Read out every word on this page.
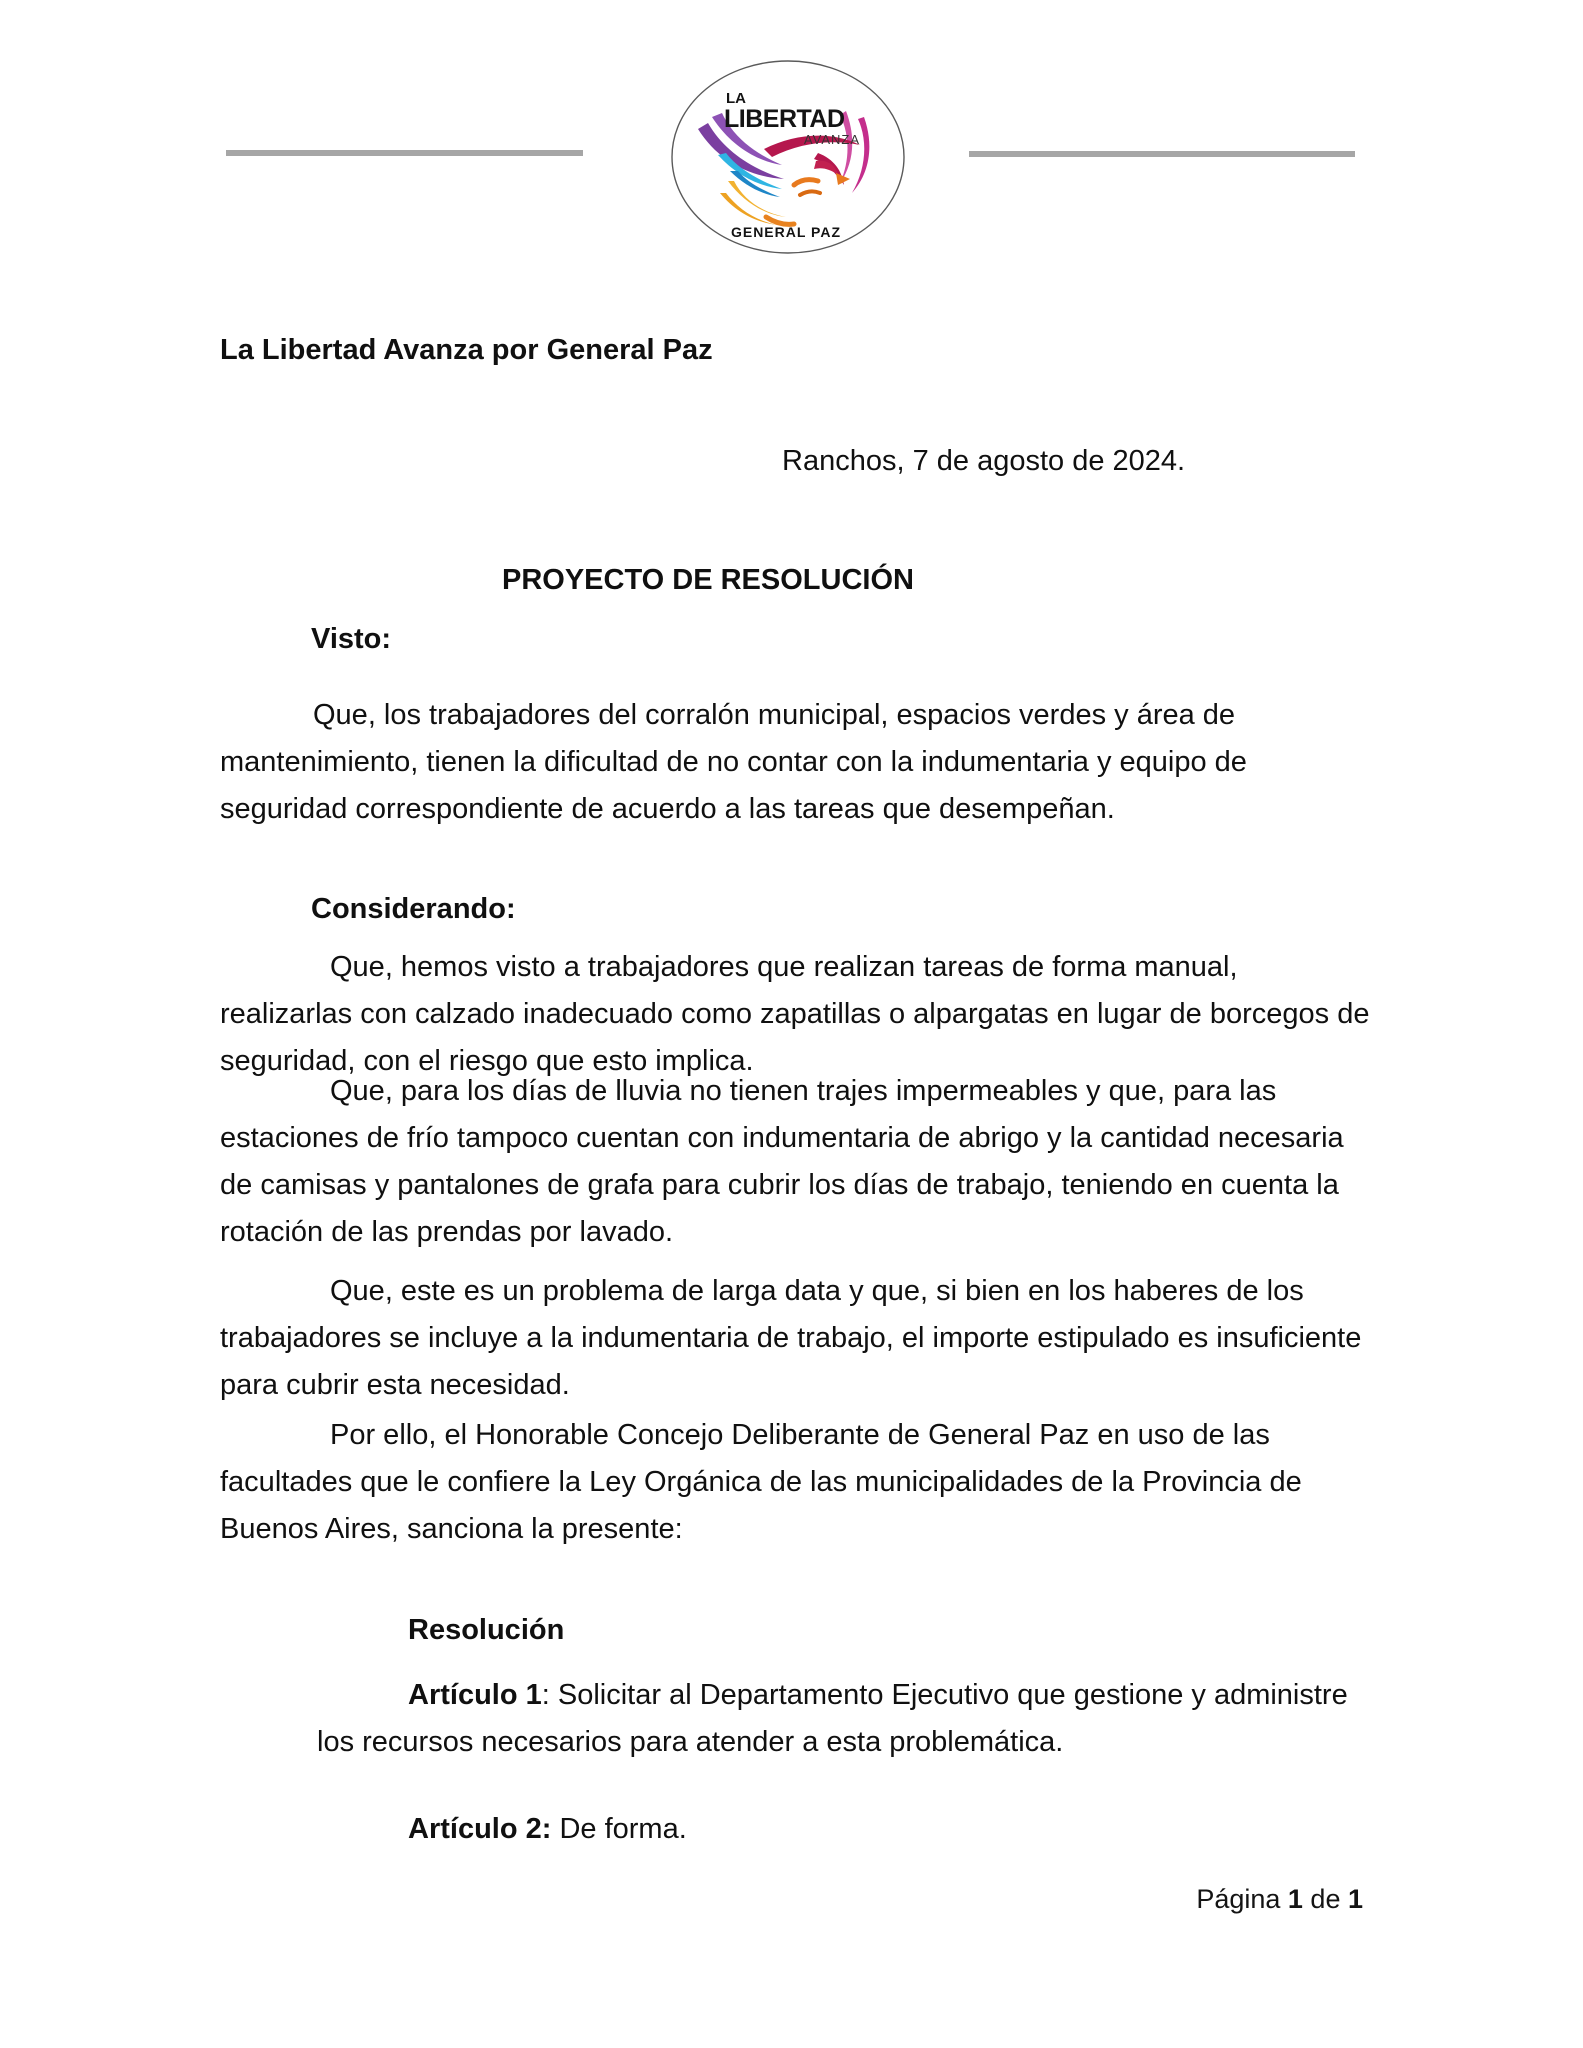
LA
LIBERTAD
AVANZA
GENERAL PAZ
La Libertad Avanza por General Paz
Ranchos, 7 de agosto de 2024.
PROYECTO DE RESOLUCIÓN
Visto:
Que, los trabajadores del corralón municipal, espacios verdes y área de mantenimiento, tienen la dificultad de no contar con la indumentaria y equipo de seguridad correspondiente de acuerdo a las tareas que desempeñan.
Considerando:
Que, hemos visto a trabajadores que realizan tareas de forma manual, realizarlas con calzado inadecuado como zapatillas o alpargatas en lugar de borcegos de seguridad, con el riesgo que esto implica.
Que, para los días de lluvia no tienen trajes impermeables y que, para las estaciones de frío tampoco cuentan con indumentaria de abrigo y la cantidad necesaria de camisas y pantalones de grafa para cubrir los días de trabajo, teniendo en cuenta la rotación de las prendas por lavado.
Que, este es un problema de larga data y que, si bien en los haberes de los trabajadores se incluye a la indumentaria de trabajo, el importe estipulado es insuficiente para cubrir esta necesidad.
Por ello, el Honorable Concejo Deliberante de General Paz en uso de las facultades que le confiere la Ley Orgánica de las municipalidades de la Provincia de Buenos Aires, sanciona la presente:
Resolución
Artículo 1: Solicitar al Departamento Ejecutivo que gestione y administre los recursos necesarios para atender a esta problemática.
Artículo 2: De forma.
Página 1 de 1
